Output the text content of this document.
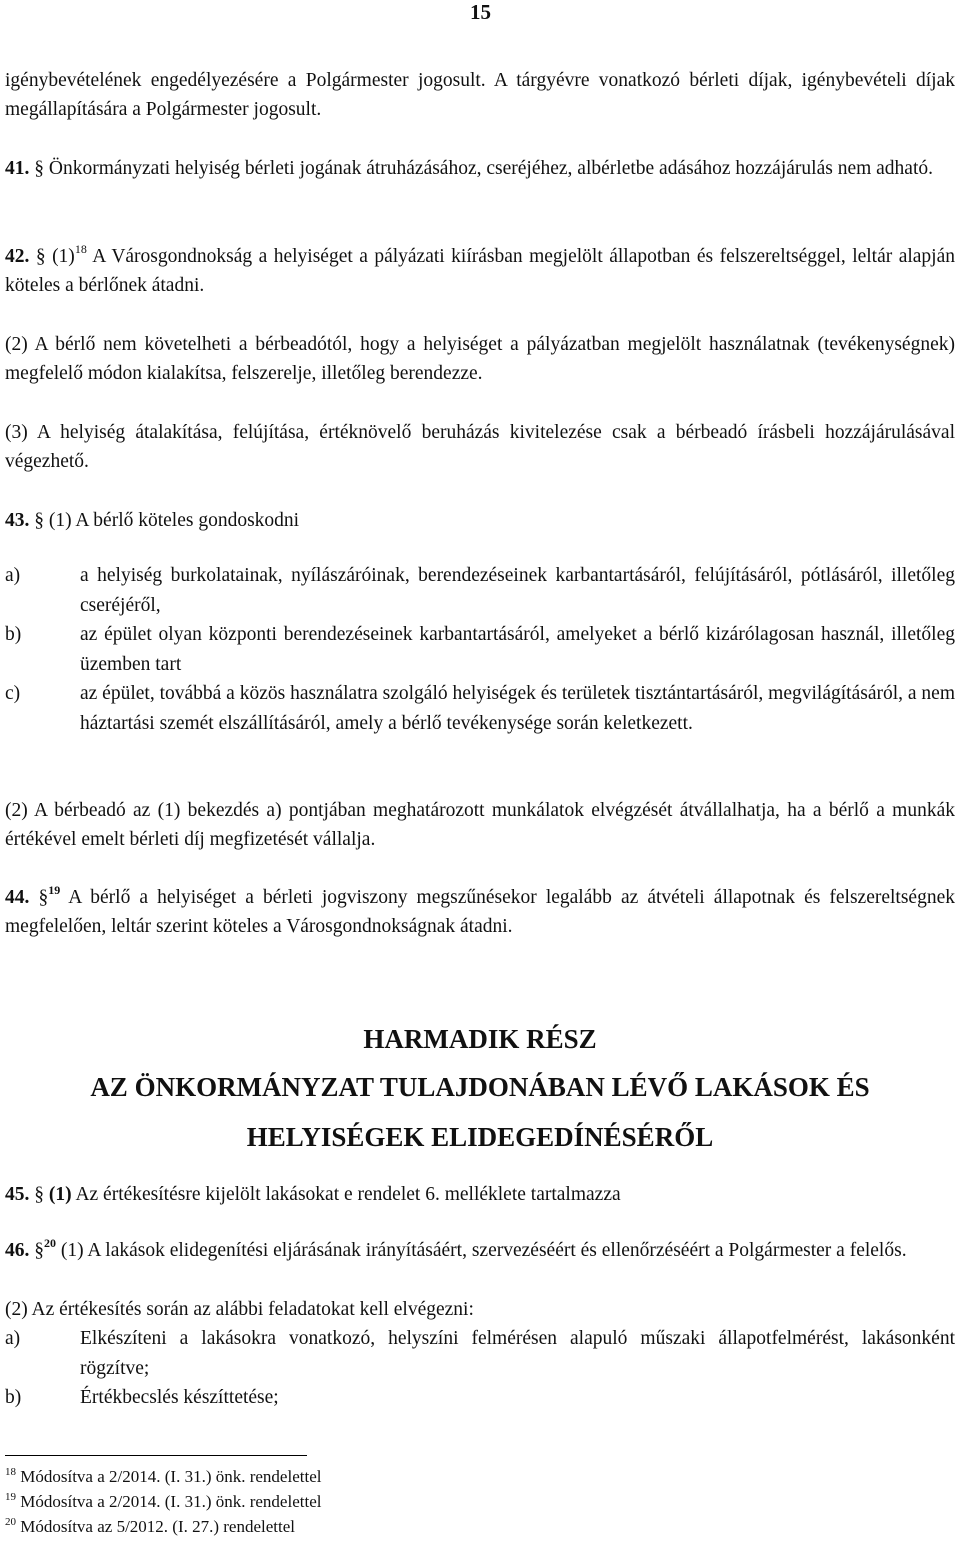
15
igénybevételének engedélyezésére a Polgármester jogosult. A tárgyévre vonatkozó bérleti díjak, igénybevételi díjak megállapítására a Polgármester jogosult.
41. § Önkormányzati helyiség bérleti jogának átruházásához, cseréjéhez, albérletbe adásához hozzájárulás nem adható.
42. § $(1)^{18}$ A Városgondnokság a helyiséget a pályázati kiírásban megjelölt állapotban és felszereltséggel, leltár alapján köteles a bérlőnek átadni.
(2) A bérlő nem követelheti a bérbeadótól, hogy a helyiséget a pályázatban megjelölt használatnak (tevékenységnek) megfelelő módon kialakítsa, felszerelje, illetőleg berendezze.
(3) A helyiség átalakítása, felújítása, értéknövelő beruházás kivitelezése csak a bérbeadó írásbeli hozzájárulásával végezhető.
43. § (1) A bérlő köteles gondoskodni
a)	a helyiség burkolatainak, nyílászáróinak, berendezéseinek karbantartásáról, felújításáról, pótlásáról, illetőleg cseréjéről,
b)	az épület olyan központi berendezéseinek karbantartásáról, amelyeket a bérlő kizárólagosan használ, illetőleg üzemben tart
c)	az épület, továbbá a közös használatra szolgáló helyiségek és területek tisztántartásáról, megvilágításáról, a nem háztartási szemét elszállításáról, amely a bérlő tevékenysége során keletkezett.
(2) A bérbeadó az (1) bekezdés a) pontjában meghatározott munkálatok elvégzését átvállalhatja, ha a bérlő a munkák értékével emelt bérleti díj megfizetését vállalja.
44. §$^{19}$ A bérlő a helyiséget a bérleti jogviszony megszűnésekor legalább az átvételi állapotnak és felszereltségnek megfelelően, leltár szerint köteles a Városgondnokságnak átadni.
HARMADIK RÉSZ
AZ ÖNKORMÁNYZAT TULAJDONÁBAN LÉVŐ LAKÁSOK ÉS
HELYISÉGEK ELIDEGEDÍNÉSÉRŐL
45. § (1) Az értékesítésre kijelölt lakásokat e rendelet 6. melléklete tartalmazza
46. §$^{20}$ (1) A lakások elidegenítési eljárásának irányításáért, szervezéséért és ellenőrzéséért a Polgármester a felelős.
(2) Az értékesítés során az alábbi feladatokat kell elvégezni:
a)	Elkészíteni a lakásokra vonatkozó, helyszíni felmérésen alapuló műszaki állapotfelmérést, lakásonként rögzítve;
b)	Értékbecslés készíttetése;
$^{18}$ Módosítva a 2/2014. (I. 31.) önk. rendelettel
$^{19}$ Módosítva a 2/2014. (I. 31.) önk. rendelettel
$^{20}$ Módosítva az 5/2012. (I. 27.) rendelettel
